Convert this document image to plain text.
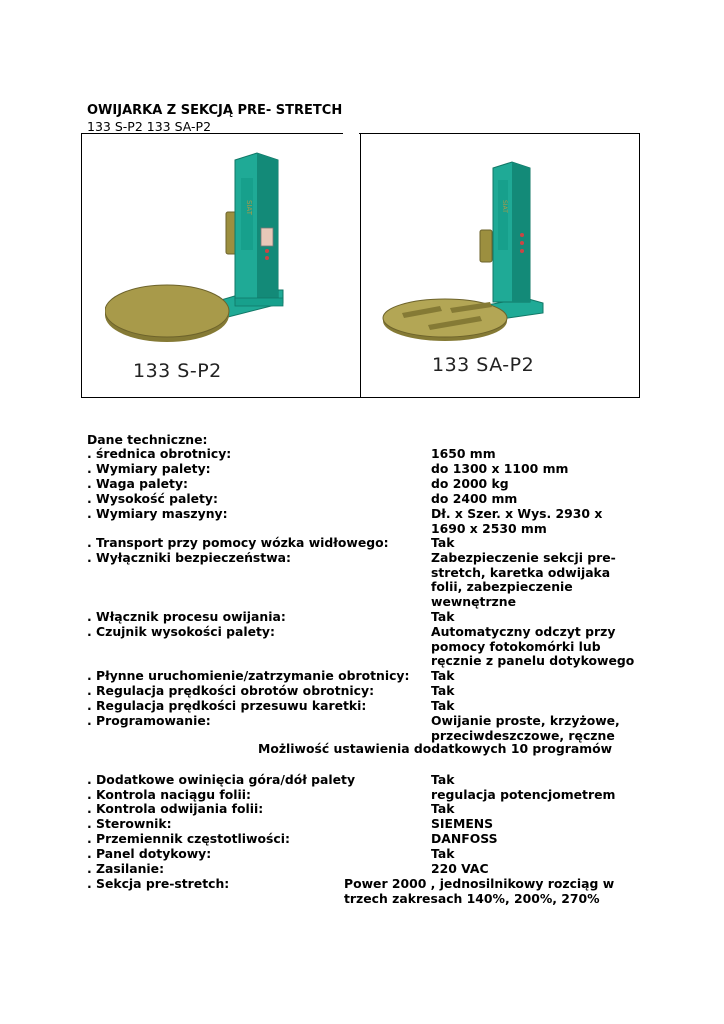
OWIJARKA Z SEKCJĄ PRE- STRETCH
133 S-P2 133 SA-P2
SIAT
133 S-P2
SIAT
133 SA-P2
Dane techniczne:
. średnica obrotnicy:	1650 mm
. Wymiary palety:	do 1300 x 1100 mm
. Waga palety:	do 2000 kg
. Wysokość palety:	do 2400 mm
. Wymiary maszyny:	Dł. x Szer. x Wys. 2930 x 1690 x 2530 mm
. Transport przy pomocy wózka widłowego:	Tak
. Wyłączniki bezpieczeństwa:	Zabezpieczenie sekcji pre-stretch, karetka odwijaka folii, zabezpieczenie wewnętrzne
. Włącznik procesu owijania:	Tak
. Czujnik wysokości palety:	Automatyczny odczyt przy pomocy fotokomórki lub ręcznie z panelu dotykowego
. Płynne uruchomienie/zatrzymanie obrotnicy: Tak
. Regulacja prędkości obrotów obrotnicy:	Tak
. Regulacja prędkości przesuwu karetki:	Tak
. Programowanie:	Owijanie proste, krzyżowe, przeciwdeszczowe, ręczne
Możliwość ustawienia dodatkowych 10 programów
. Dodatkowe owinięcia góra/dół palety	Tak
. Kontrola naciągu folii:	regulacja potencjometrem
. Kontrola odwijania folii:	Tak
. Sterownik:	SIEMENS
. Przemiennik częstotliwości:	DANFOSS
. Panel dotykowy:	Tak
. Zasilanie:	220 VAC
. Sekcja pre-stretch:	Power 2000 , jednosilnikowy rozciąg w trzech zakresach 140%, 200%, 270%
